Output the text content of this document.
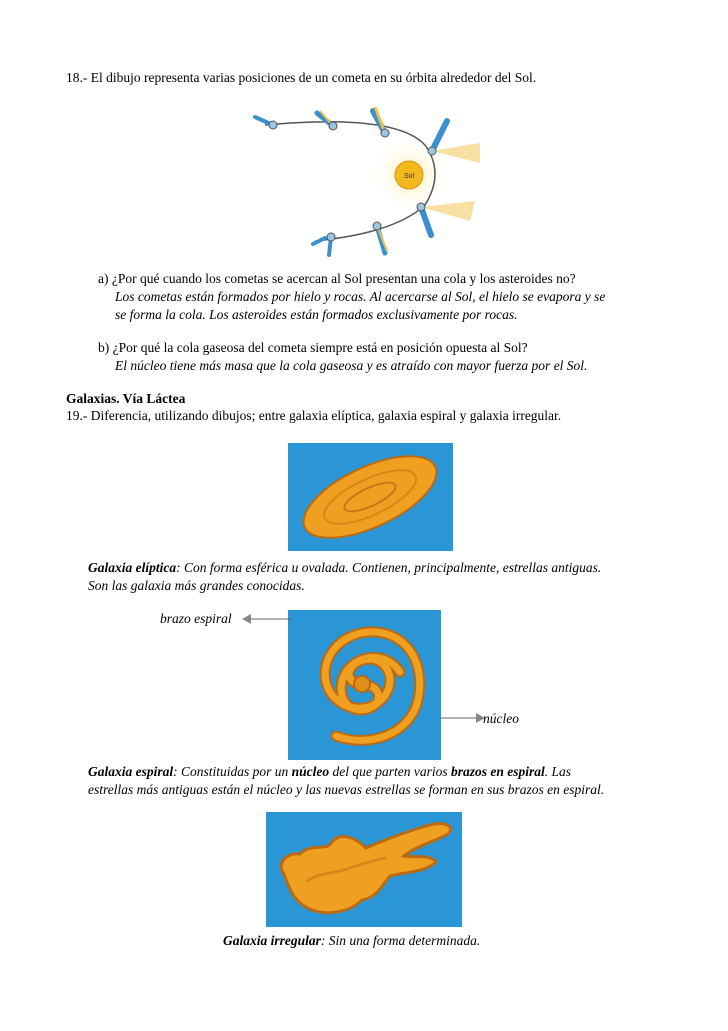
18.- El dibujo representa varias posiciones de un cometa en su órbita alrededor del Sol.
Sol
a) ¿Por qué cuando los cometas se acercan al Sol presentan una cola y los asteroides no?
Los cometas están formados por hielo y rocas. Al acercarse al Sol, el hielo se evapora y se
se forma la cola. Los asteroides están formados exclusivamente por rocas.
b) ¿Por qué la cola gaseosa del cometa siempre está en posición opuesta al Sol?
El núcleo tiene más masa que la cola gaseosa y es atraído con mayor fuerza por el Sol.
Galaxias. Vía Láctea
19.- Diferencia, utilizando dibujos; entre galaxia elíptica, galaxia espiral y galaxia irregular.
Galaxia elíptica: Con forma esférica u ovalada. Contienen, principalmente, estrellas antiguas.
Son las galaxia más grandes conocidas.
brazo espiral
núcleo
Galaxia espiral: Constituidas por un núcleo del que parten varios brazos en espiral. Las
estrellas más antiguas están el núcleo y las nuevas estrellas se forman en sus brazos en espiral.
Galaxia irregular: Sin una forma determinada.
